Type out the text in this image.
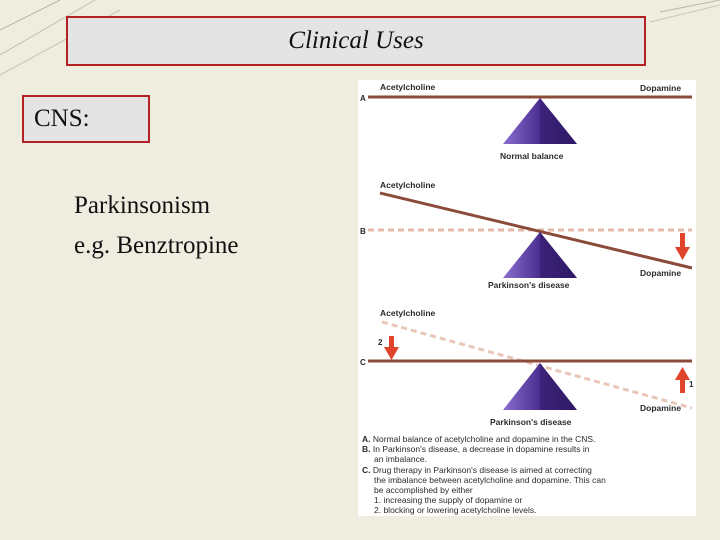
Clinical Uses
CNS:
Parkinsonism
e.g. Benztropine
A
Acetylcholine	Dopamine
Normal balance
Acetylcholine
B
Dopamine
Parkinson's disease
Acetylcholine
2
C
1
Dopamine
Parkinson's disease
A. Normal balance of acetylcholine and dopamine in the CNS.
B. In Parkinson's disease, a decrease in dopamine results in
an imbalance.
C. Drug therapy in Parkinson's disease is aimed at correcting
the imbalance between acetylcholine and dopamine. This can
be accomplished by either
1. increasing the supply of dopamine or
2. blocking or lowering acetylcholine levels.
